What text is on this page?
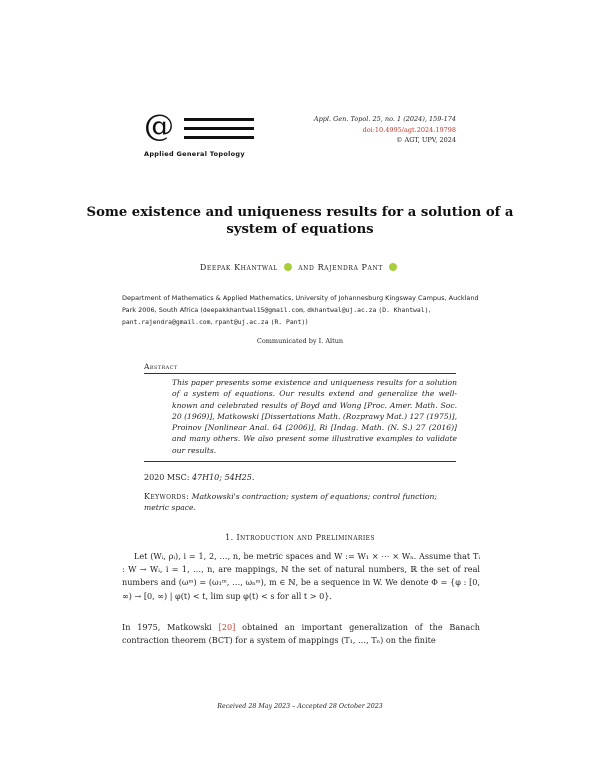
@
Applied General Topology
Appl. Gen. Topol. 25, no. 1 (2024), 159-174
doi:10.4995/agt.2024.19798
© AGT, UPV, 2024
Some existence and uniqueness results for a solution of a system of equations
Deepak Khantwal	and Rajendra Pant
Department of Mathematics & Applied Mathematics, University of Johannesburg Kingsway Campus, Auckland Park 2006, South Africa (deepakkhantwal15@gmail.com, dkhantwal@uj.ac.za (D. Khantwal), pant.rajendra@gmail.com, rpant@uj.ac.za (R. Pant))
Communicated by I. Altun
Abstract
This paper presents some existence and uniqueness results for a solution of a system of equations. Our results extend and generalize the well-known and celebrated results of Boyd and Wong [Proc. Amer. Math. Soc. 20 (1969)], Matkowski [Dissertations Math. (Rozprawy Mat.) 127 (1975)], Proinov [Nonlinear Anal. 64 (2006)], Ri [Indag. Math. (N. S.) 27 (2016)] and many others. We also present some illustrative examples to validate our results.
2020 MSC: 47H10; 54H25.
Keywords: Matkowski's contraction; system of equations; control function; metric space.
1. Introduction and Preliminaries
Let (Wᵢ, ρᵢ), i = 1, 2, …, n, be metric spaces and W := W₁ × ⋯ × Wₙ. Assume that Tᵢ : W → Wᵢ, i = 1, …, n, are mappings, ℕ the set of natural numbers, ℝ the set of real numbers and (ωᵐ) = (ω₁ᵐ, …, ωₙᵐ), m ∈ ℕ, be a sequence in W. We denote Φ = {φ : [0, ∞) → [0, ∞) | φ(t) < t, lim sup φ(t) < s for all t > 0}.
In 1975, Matkowski [20] obtained an important generalization of the Banach contraction theorem (BCT) for a system of mappings (T₁, …, Tₙ) on the finite
Received 28 May 2023 – Accepted 28 October 2023
